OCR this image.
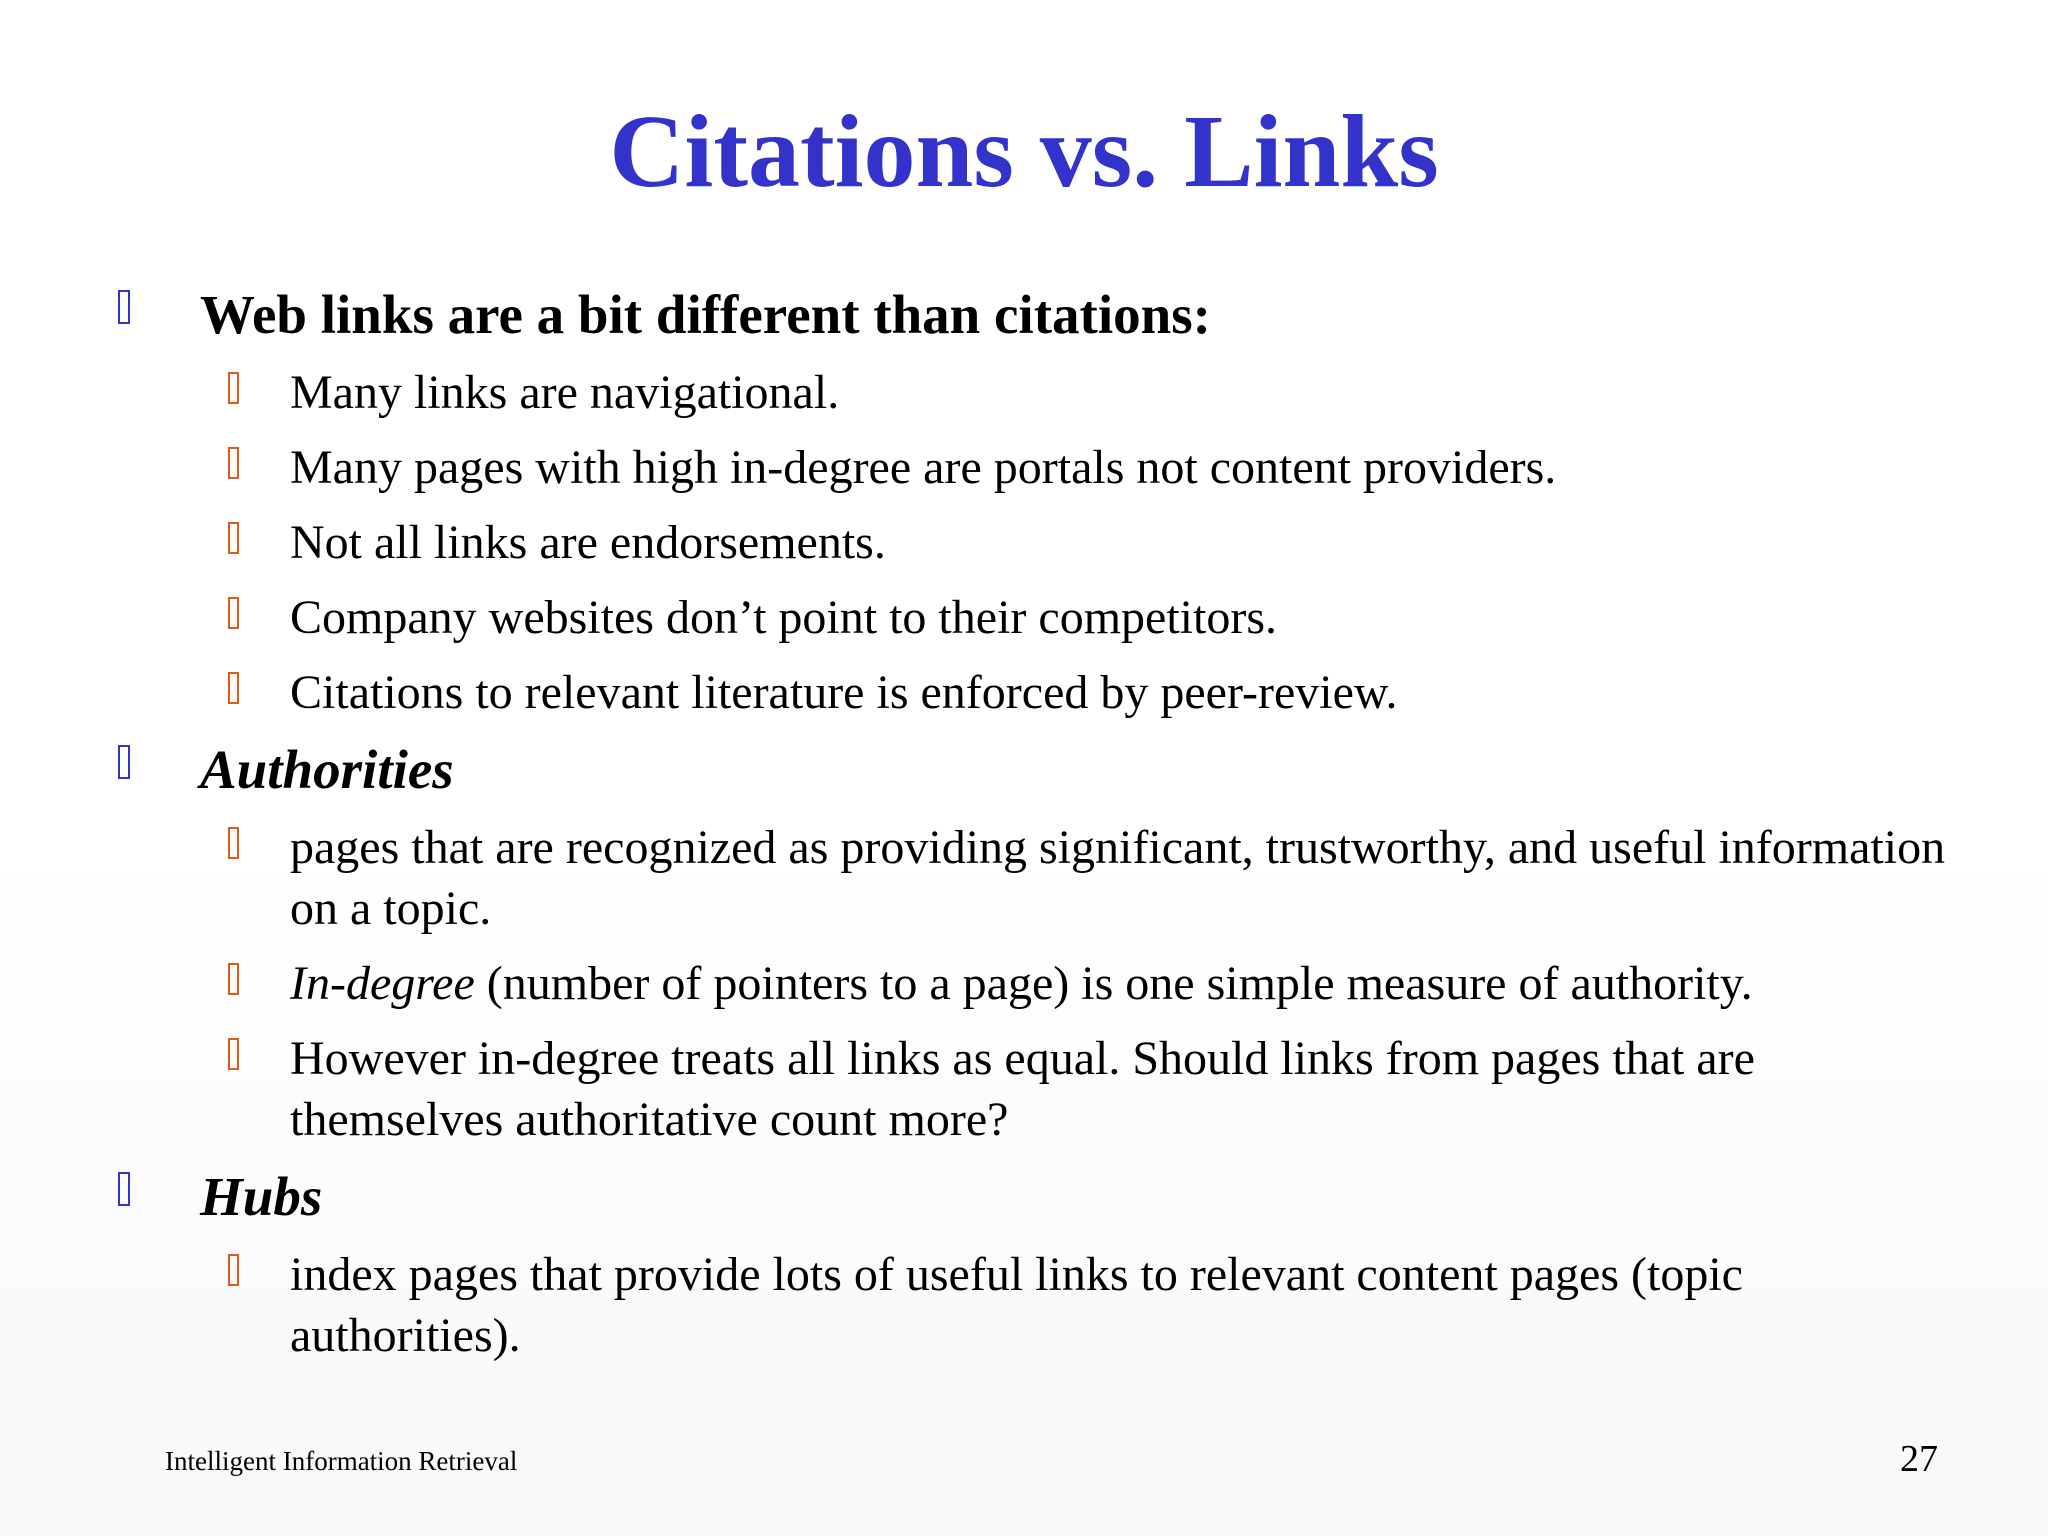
Citations vs. Links
Web links are a bit different than citations:
Many links are navigational.
Many pages with high in-degree are portals not content providers.
Not all links are endorsements.
Company websites don’t point to their competitors.
Citations to relevant literature is enforced by peer-review.
Authorities
pages that are recognized as providing significant, trustworthy, and useful information on a topic.
In-degree (number of pointers to a page) is one simple measure of authority.
However in-degree treats all links as equal. Should links from pages that are themselves authoritative count more?
Hubs
index pages that provide lots of useful links to relevant content pages (topic authorities).
Intelligent Information Retrieval	27
